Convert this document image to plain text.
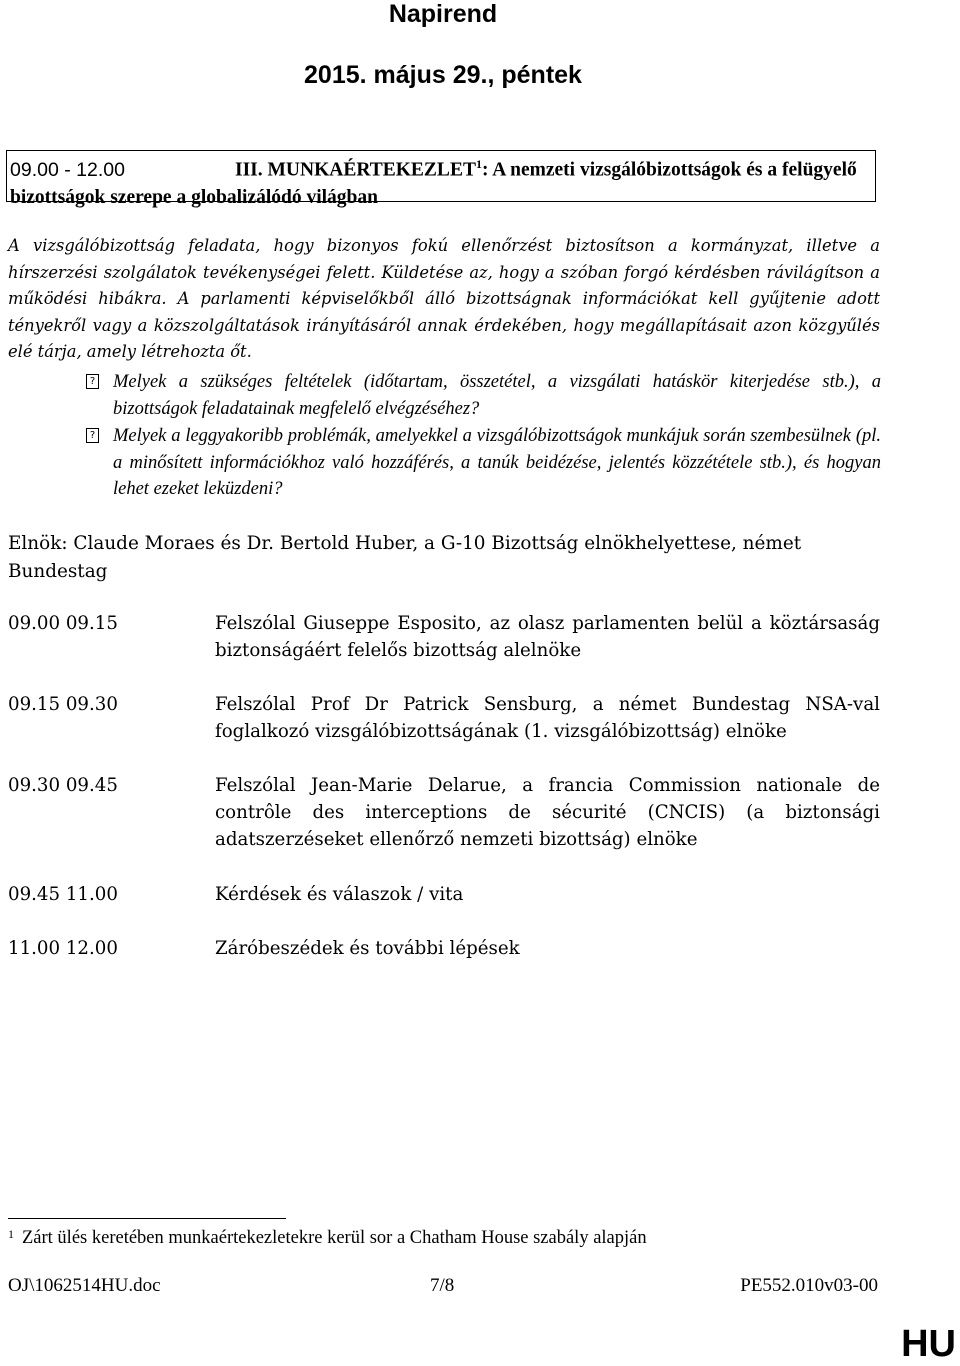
Napirend
2015. május 29., péntek
09.00 - 12.00	III. MUNKAÉRTEKEZLET$^1$: A nemzeti vizsgálóbizottságok és a felügyelő bizottságok szerepe a globalizálódó világban
A vizsgálóbizottság feladata, hogy bizonyos fokú ellenőrzést biztosítson a kormányzat, illetve a hírszerzési szolgálatok tevékenységei felett. Küldetése az, hogy a szóban forgó kérdésben rávilágítson a működési hibákra. A parlamenti képviselőkből álló bizottságnak információkat kell gyűjtenie adott tényekről vagy a közszolgáltatások irányításáról annak érdekében, hogy megállapításait azon közgyűlés elé tárja, amely létrehozta őt.
? Melyek a szükséges feltételek (időtartam, összetétel, a vizsgálati hatáskör kiterjedése stb.), a bizottságok feladatainak megfelelő elvégzéséhez?
? Melyek a leggyakoribb problémák, amelyekkel a vizsgálóbizottságok munkájuk során szembesülnek (pl. a minősített információkhoz való hozzáférés, a tanúk beidézése, jelentés közzététele stb.), és hogyan lehet ezeket leküzdeni?
Elnök: Claude Moraes és Dr. Bertold Huber, a G-10 Bizottság elnökhelyettese, német Bundestag
09.00 09.15	Felszólal Giuseppe Esposito, az olasz parlamenten belül a köztársaság biztonságáért felelős bizottság alelnöke
09.15 09.30	Felszólal Prof Dr Patrick Sensburg, a német Bundestag NSA-val foglalkozó vizsgálóbizottságának (1. vizsgálóbizottság) elnöke
09.30 09.45	Felszólal Jean-Marie Delarue, a francia Commission nationale de contrôle des interceptions de sécurité (CNCIS) (a biztonsági adatszerzéseket ellenőrző nemzeti bizottság) elnöke
09.45 11.00	Kérdések és válaszok / vita
11.00 12.00	Záróbeszédek és további lépések
$^1$ Zárt ülés keretében munkaértekezletekre kerül sor a Chatham House szabály alapján
OJ\1062514HU.doc	7/8	PE552.010v03-00
HU
